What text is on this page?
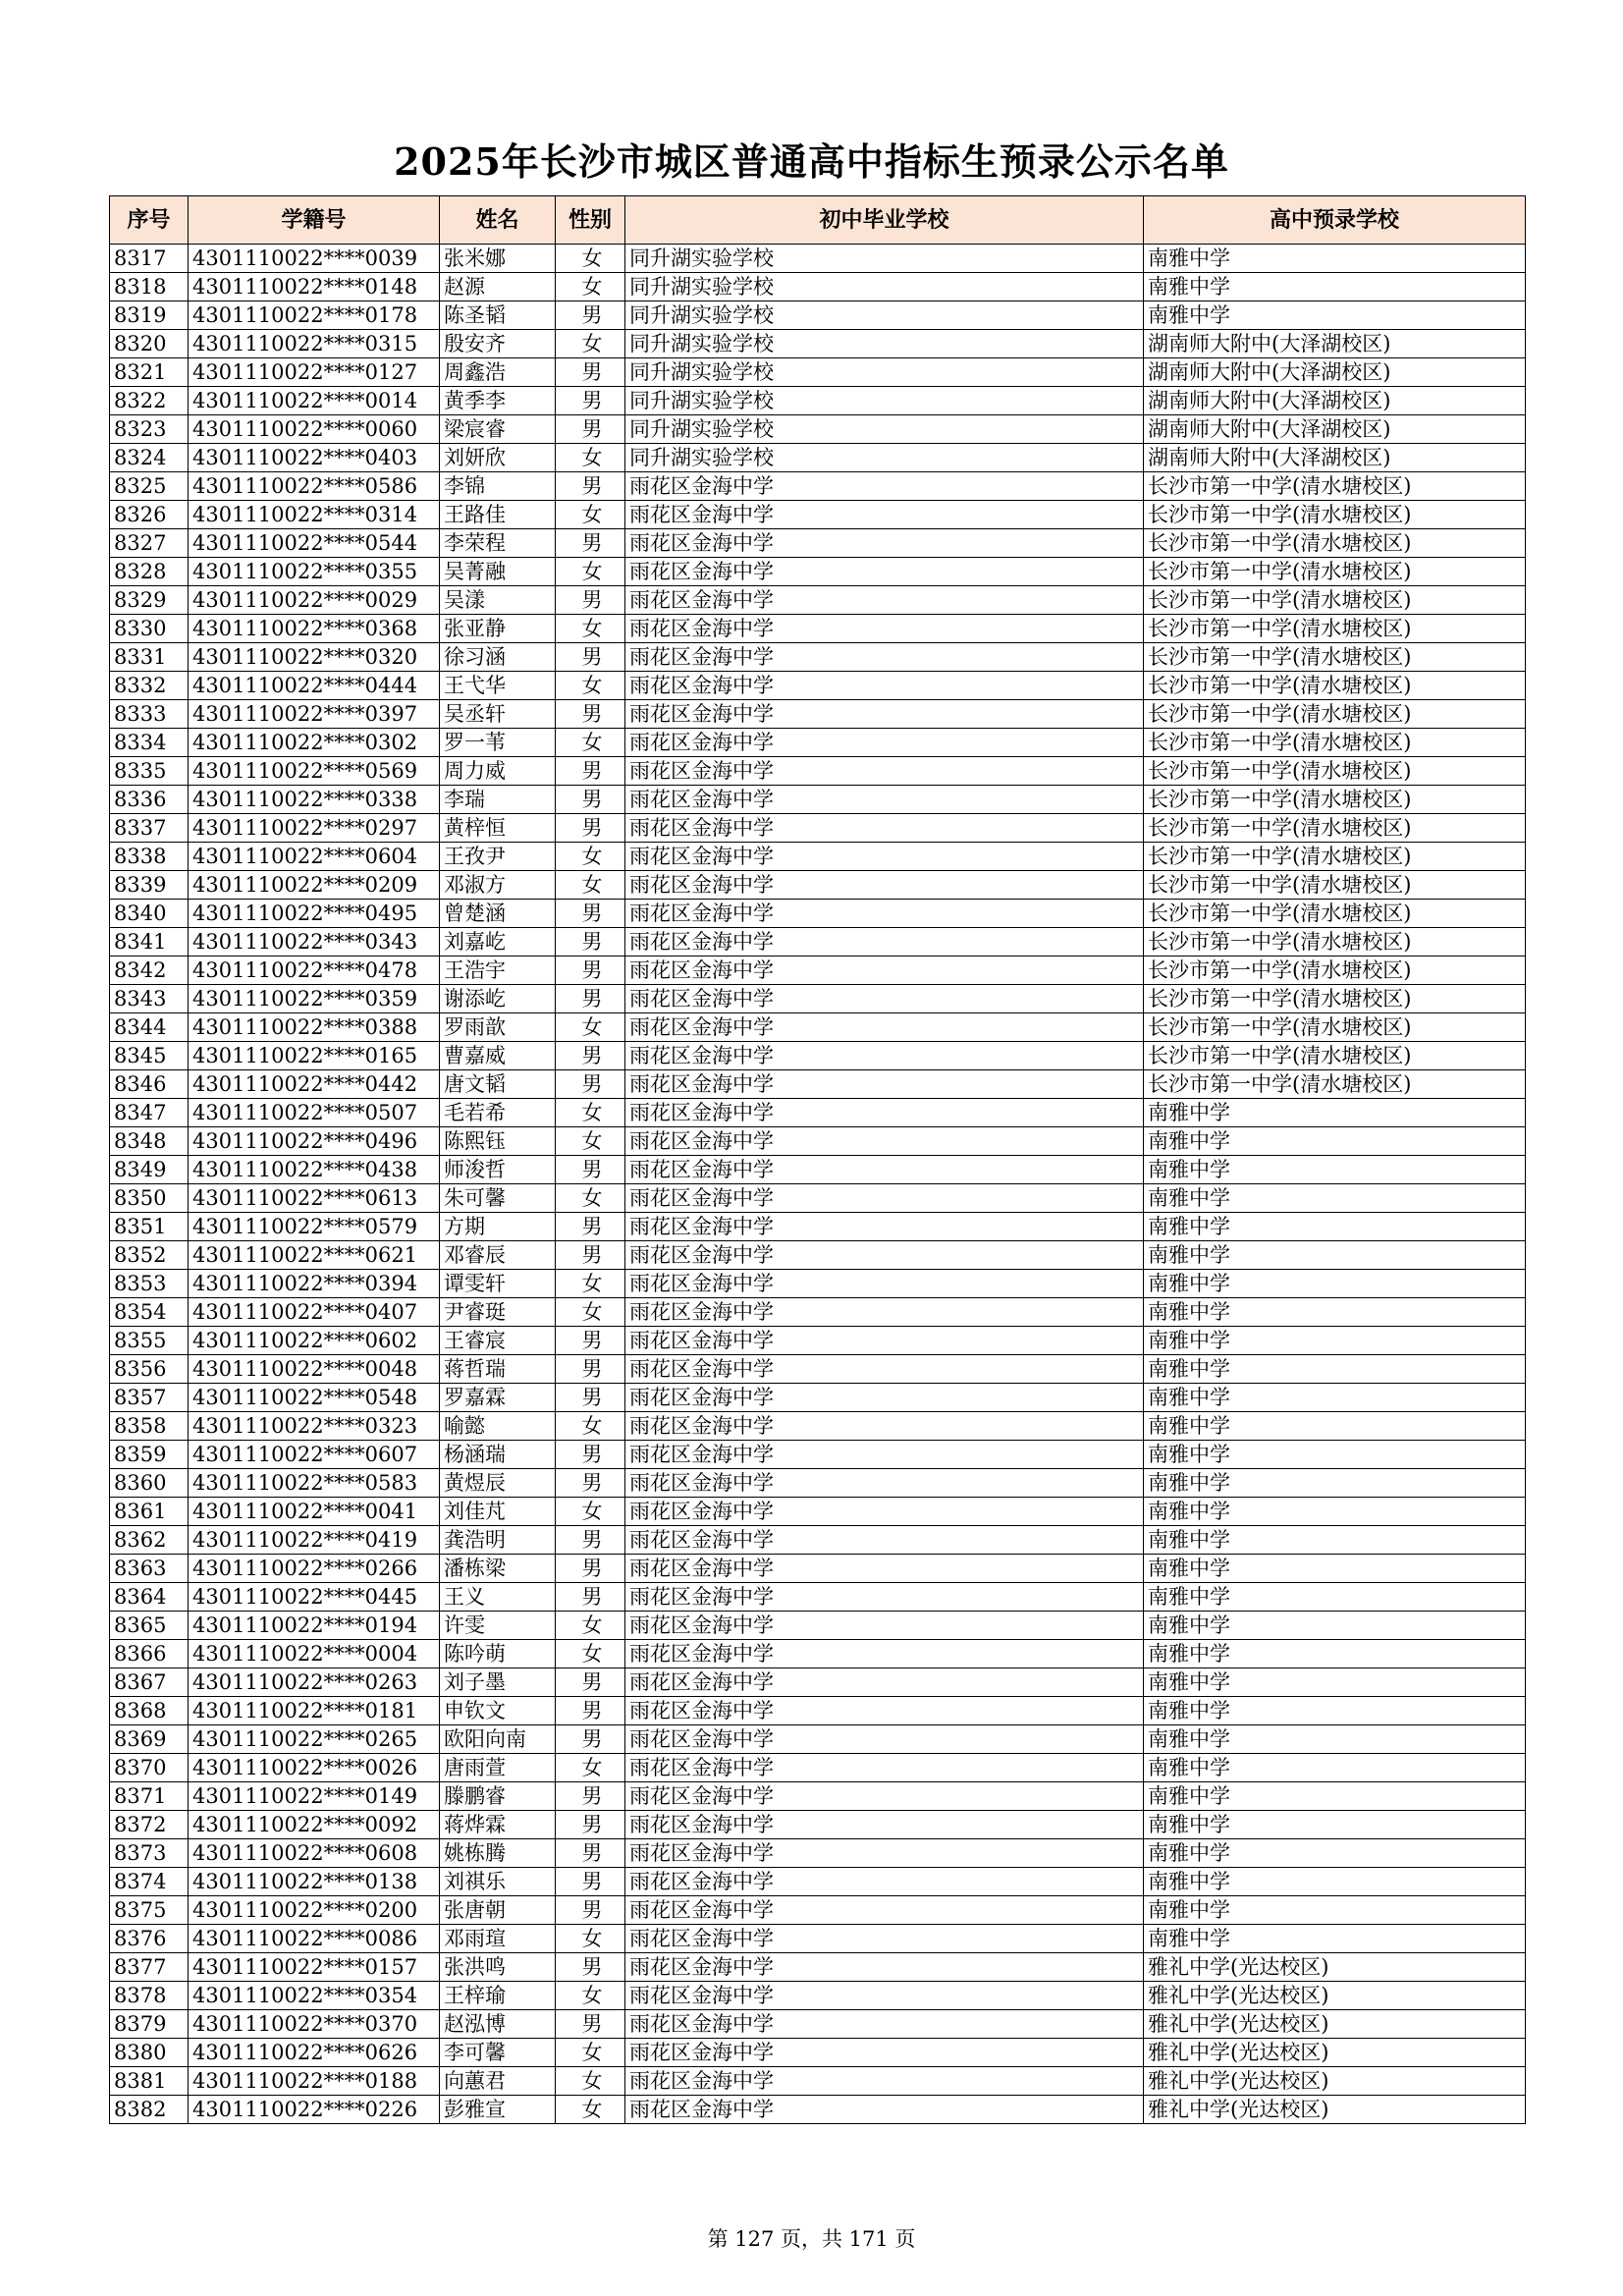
2025年长沙市城区普通高中指标生预录公示名单
序号	学籍号	姓名	性别	初中毕业学校	高中预录学校
8317	4301110022****0039	张米娜	女	同升湖实验学校	南雅中学
8318	4301110022****0148	赵源	女	同升湖实验学校	南雅中学
8319	4301110022****0178	陈圣韬	男	同升湖实验学校	南雅中学
8320	4301110022****0315	殷安齐	女	同升湖实验学校	湖南师大附中(大泽湖校区)
8321	4301110022****0127	周鑫浩	男	同升湖实验学校	湖南师大附中(大泽湖校区)
8322	4301110022****0014	黄季李	男	同升湖实验学校	湖南师大附中(大泽湖校区)
8323	4301110022****0060	梁宸睿	男	同升湖实验学校	湖南师大附中(大泽湖校区)
8324	4301110022****0403	刘妍欣	女	同升湖实验学校	湖南师大附中(大泽湖校区)
8325	4301110022****0586	李锦	男	雨花区金海中学	长沙市第一中学(清水塘校区)
8326	4301110022****0314	王路佳	女	雨花区金海中学	长沙市第一中学(清水塘校区)
8327	4301110022****0544	李荣程	男	雨花区金海中学	长沙市第一中学(清水塘校区)
8328	4301110022****0355	吴菁融	女	雨花区金海中学	长沙市第一中学(清水塘校区)
8329	4301110022****0029	吴漾	男	雨花区金海中学	长沙市第一中学(清水塘校区)
8330	4301110022****0368	张亚静	女	雨花区金海中学	长沙市第一中学(清水塘校区)
8331	4301110022****0320	徐习涵	男	雨花区金海中学	长沙市第一中学(清水塘校区)
8332	4301110022****0444	王弋华	女	雨花区金海中学	长沙市第一中学(清水塘校区)
8333	4301110022****0397	吴丞轩	男	雨花区金海中学	长沙市第一中学(清水塘校区)
8334	4301110022****0302	罗一苇	女	雨花区金海中学	长沙市第一中学(清水塘校区)
8335	4301110022****0569	周力威	男	雨花区金海中学	长沙市第一中学(清水塘校区)
8336	4301110022****0338	李瑞	男	雨花区金海中学	长沙市第一中学(清水塘校区)
8337	4301110022****0297	黄梓恒	男	雨花区金海中学	长沙市第一中学(清水塘校区)
8338	4301110022****0604	王孜尹	女	雨花区金海中学	长沙市第一中学(清水塘校区)
8339	4301110022****0209	邓淑方	女	雨花区金海中学	长沙市第一中学(清水塘校区)
8340	4301110022****0495	曾楚涵	男	雨花区金海中学	长沙市第一中学(清水塘校区)
8341	4301110022****0343	刘嘉屹	男	雨花区金海中学	长沙市第一中学(清水塘校区)
8342	4301110022****0478	王浩宇	男	雨花区金海中学	长沙市第一中学(清水塘校区)
8343	4301110022****0359	谢添屹	男	雨花区金海中学	长沙市第一中学(清水塘校区)
8344	4301110022****0388	罗雨歆	女	雨花区金海中学	长沙市第一中学(清水塘校区)
8345	4301110022****0165	曹嘉威	男	雨花区金海中学	长沙市第一中学(清水塘校区)
8346	4301110022****0442	唐文韬	男	雨花区金海中学	长沙市第一中学(清水塘校区)
8347	4301110022****0507	毛若希	女	雨花区金海中学	南雅中学
8348	4301110022****0496	陈熙钰	女	雨花区金海中学	南雅中学
8349	4301110022****0438	师浚哲	男	雨花区金海中学	南雅中学
8350	4301110022****0613	朱可馨	女	雨花区金海中学	南雅中学
8351	4301110022****0579	方期	男	雨花区金海中学	南雅中学
8352	4301110022****0621	邓睿辰	男	雨花区金海中学	南雅中学
8353	4301110022****0394	谭雯轩	女	雨花区金海中学	南雅中学
8354	4301110022****0407	尹睿珽	女	雨花区金海中学	南雅中学
8355	4301110022****0602	王睿宸	男	雨花区金海中学	南雅中学
8356	4301110022****0048	蒋哲瑞	男	雨花区金海中学	南雅中学
8357	4301110022****0548	罗嘉霖	男	雨花区金海中学	南雅中学
8358	4301110022****0323	喻懿	女	雨花区金海中学	南雅中学
8359	4301110022****0607	杨涵瑞	男	雨花区金海中学	南雅中学
8360	4301110022****0583	黄煜辰	男	雨花区金海中学	南雅中学
8361	4301110022****0041	刘佳芃	女	雨花区金海中学	南雅中学
8362	4301110022****0419	龚浩明	男	雨花区金海中学	南雅中学
8363	4301110022****0266	潘栋梁	男	雨花区金海中学	南雅中学
8364	4301110022****0445	王义	男	雨花区金海中学	南雅中学
8365	4301110022****0194	许雯	女	雨花区金海中学	南雅中学
8366	4301110022****0004	陈吟萌	女	雨花区金海中学	南雅中学
8367	4301110022****0263	刘子墨	男	雨花区金海中学	南雅中学
8368	4301110022****0181	申钦文	男	雨花区金海中学	南雅中学
8369	4301110022****0265	欧阳向南	男	雨花区金海中学	南雅中学
8370	4301110022****0026	唐雨萱	女	雨花区金海中学	南雅中学
8371	4301110022****0149	滕鹏睿	男	雨花区金海中学	南雅中学
8372	4301110022****0092	蒋烨霖	男	雨花区金海中学	南雅中学
8373	4301110022****0608	姚栋腾	男	雨花区金海中学	南雅中学
8374	4301110022****0138	刘祺乐	男	雨花区金海中学	南雅中学
8375	4301110022****0200	张唐朝	男	雨花区金海中学	南雅中学
8376	4301110022****0086	邓雨瑄	女	雨花区金海中学	南雅中学
8377	4301110022****0157	张洪鸣	男	雨花区金海中学	雅礼中学(光达校区)
8378	4301110022****0354	王梓瑜	女	雨花区金海中学	雅礼中学(光达校区)
8379	4301110022****0370	赵泓博	男	雨花区金海中学	雅礼中学(光达校区)
8380	4301110022****0626	李可馨	女	雨花区金海中学	雅礼中学(光达校区)
8381	4301110022****0188	向蕙君	女	雨花区金海中学	雅礼中学(光达校区)
8382	4301110022****0226	彭雅宣	女	雨花区金海中学	雅礼中学(光达校区)
第 127 页，共 171 页
